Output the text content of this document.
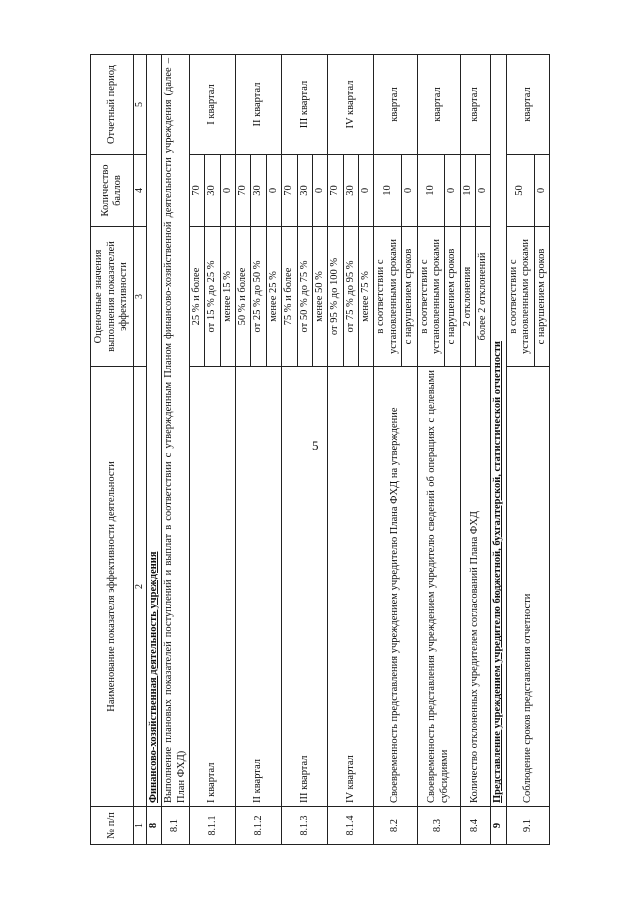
5
№ п/п	Наименование показателя эффективности деятельности	Оценочные значения выполнения показателей эффективности	Количество баллов	Отчетный период
1	2	3	4	5
8	Финансово-хозяйственная деятельность учреждения			
8.1	Выполнение плановых показателей поступлений и выплат в соответствии с утвержденным Планом финансово-хозяйственной деятельности учреждения (далее – План ФХД)			
8.1.1	I квартал	25 % и более	70	I квартал
		от 15 % до 25 %	30	
		менее 15 %	0	
8.1.2	II квартал	50 % и более	70	II квартал
		от 25 % до 50 %	30	
		менее 25 %	0	
8.1.3	III квартал	75 % и более	70	III квартал
		от 50 % до 75 %	30	
		менее 50 %	0	
8.1.4	IV квартал	от 95 % до 100 %	70	IV квартал
		от 75 % до 95 %	30	
		менее 75 %	0	
8.2	Своевременность представления учреждением учредителю Плана ФХД на утверждение	в соответствии с установленными сроками	10	квартал
		с нарушением сроков	0	
8.3	Своевременность представления учреждением учредителю сведений об операциях с целевыми субсидиями	в соответствии с установленными сроками	10	квартал
		с нарушением сроков	0	
8.4	Количество отклоненных учредителем согласований Плана ФХД	2 отклонения	10	квартал
		более 2 отклонений	0	
9	Представление учреждением учредителю бюджетной, бухгалтерской, статистической отчетности			
9.1	Соблюдение сроков представления отчетности	в соответствии с установленными сроками	50	квартал
		с нарушением сроков	0	
